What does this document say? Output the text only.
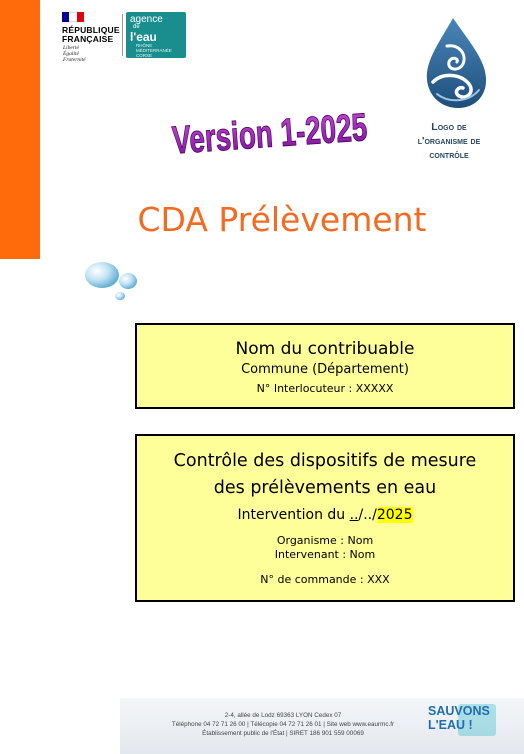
RÉPUBLIQUE
FRANÇAISE
Liberté
Égalité
Fraternité
agence
de
l'eau
RHÔNE
MÉDITERRANÉE
CORSE
Logo de
l'organisme de
contrôle
Version 1-2025
CDA Prélèvement
Nom du contribuable
Commune (Département)
N° Interlocuteur : XXXXX
Contrôle des dispositifs de mesure
des prélèvements en eau
Intervention du ../../2025
Organisme : Nom
Intervenant : Nom
N° de commande : XXX
2-4, allée de Lodz 69363 LYON Cedex 07
Téléphone 04 72 71 26 00 | Télécopie 04 72 71 26 01 | Site web www.eaurmc.fr
Établissement public de l'État | SIRET 186 901 559 00069
SAUVONS
L'EAU !
